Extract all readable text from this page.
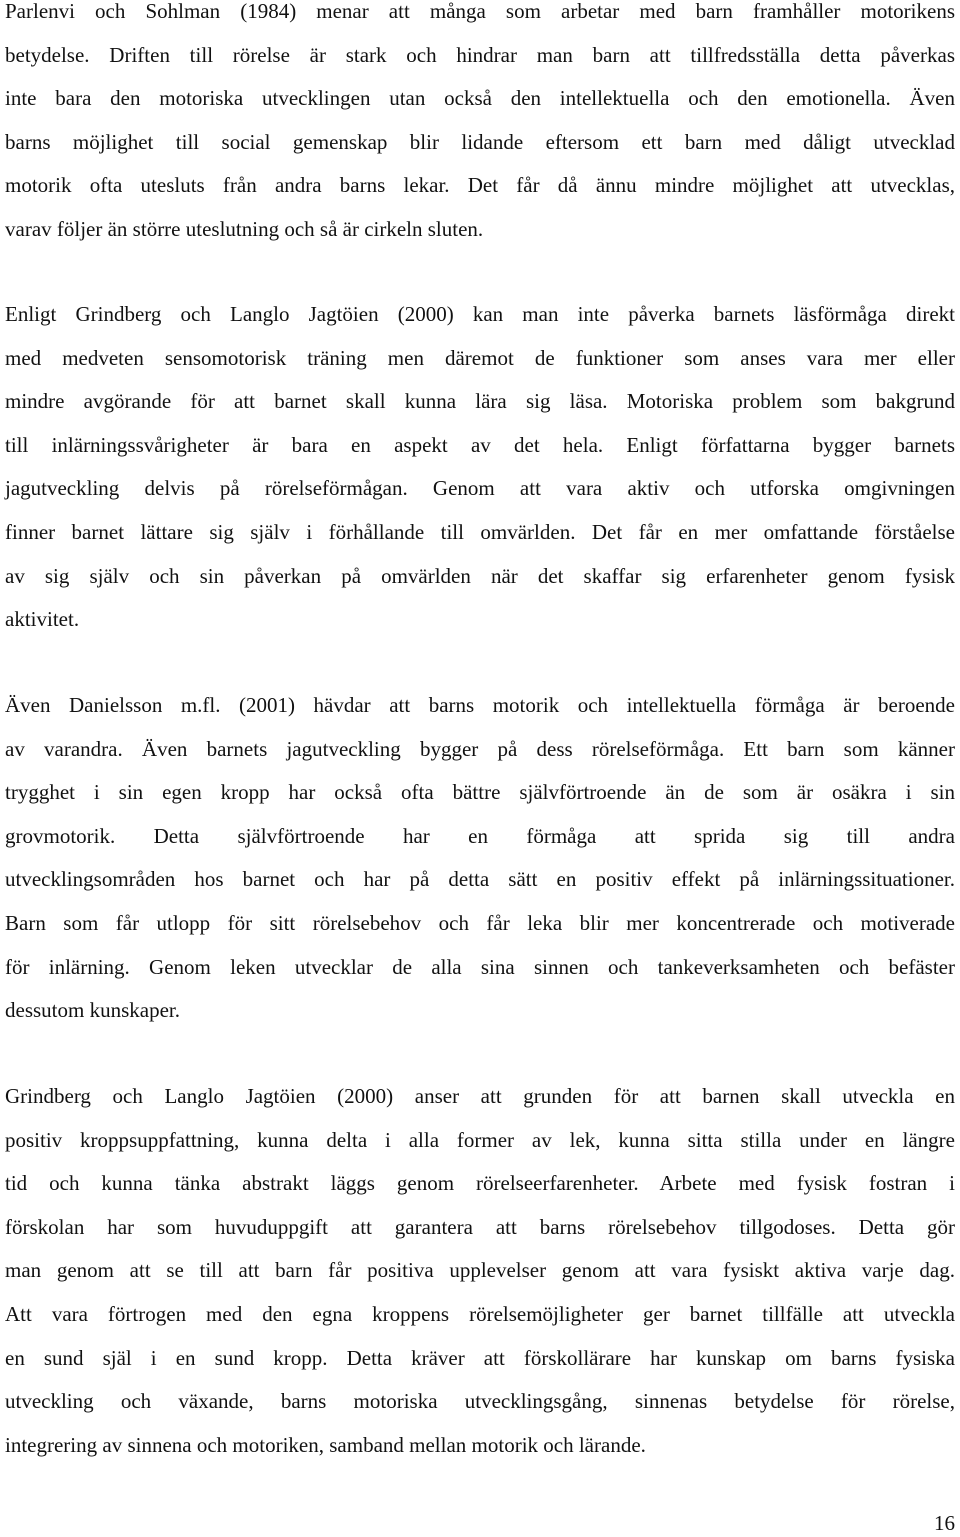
Parlenvi och Sohlman (1984) menar att många som arbetar med barn framhåller motorikens
betydelse. Driften till rörelse är stark och hindrar man barn att tillfredsställa detta påverkas
inte bara den motoriska utvecklingen utan också den intellektuella och den emotionella. Även
barns möjlighet till social gemenskap blir lidande eftersom ett barn med dåligt utvecklad
motorik ofta utesluts från andra barns lekar. Det får då ännu mindre möjlighet att utvecklas,
varav följer än större uteslutning och så är cirkeln sluten.
Enligt Grindberg och Langlo Jagtöien (2000) kan man inte påverka barnets läsförmåga direkt
med medveten sensomotorisk träning men däremot de funktioner som anses vara mer eller
mindre avgörande för att barnet skall kunna lära sig läsa. Motoriska problem som bakgrund
till inlärningssvårigheter är bara en aspekt av det hela. Enligt författarna bygger barnets
jagutveckling delvis på rörelseförmågan. Genom att vara aktiv och utforska omgivningen
finner barnet lättare sig själv i förhållande till omvärlden. Det får en mer omfattande förståelse
av sig själv och sin påverkan på omvärlden när det skaffar sig erfarenheter genom fysisk
aktivitet.
Även Danielsson m.fl. (2001) hävdar att barns motorik och intellektuella förmåga är beroende
av varandra. Även barnets jagutveckling bygger på dess rörelseförmåga. Ett barn som känner
trygghet i sin egen kropp har också ofta bättre självförtroende än de som är osäkra i sin
grovmotorik. Detta självförtroende har en förmåga att sprida sig till andra
utvecklingsområden hos barnet och har på detta sätt en positiv effekt på inlärningssituationer.
Barn som får utlopp för sitt rörelsebehov och får leka blir mer koncentrerade och motiverade
för inlärning. Genom leken utvecklar de alla sina sinnen och tankeverksamheten och befäster
dessutom kunskaper.
Grindberg och Langlo Jagtöien (2000) anser att grunden för att barnen skall utveckla en
positiv kroppsuppfattning, kunna delta i alla former av lek, kunna sitta stilla under en längre
tid och kunna tänka abstrakt läggs genom rörelseerfarenheter. Arbete med fysisk fostran i
förskolan har som huvuduppgift att garantera att barns rörelsebehov tillgodoses. Detta gör
man genom att se till att barn får positiva upplevelser genom att vara fysiskt aktiva varje dag.
Att vara förtrogen med den egna kroppens rörelsemöjligheter ger barnet tillfälle att utveckla
en sund själ i en sund kropp. Detta kräver att förskollärare har kunskap om barns fysiska
utveckling och växande, barns motoriska utvecklingsgång, sinnenas betydelse för rörelse,
integrering av sinnena och motoriken, samband mellan motorik och lärande.
16
